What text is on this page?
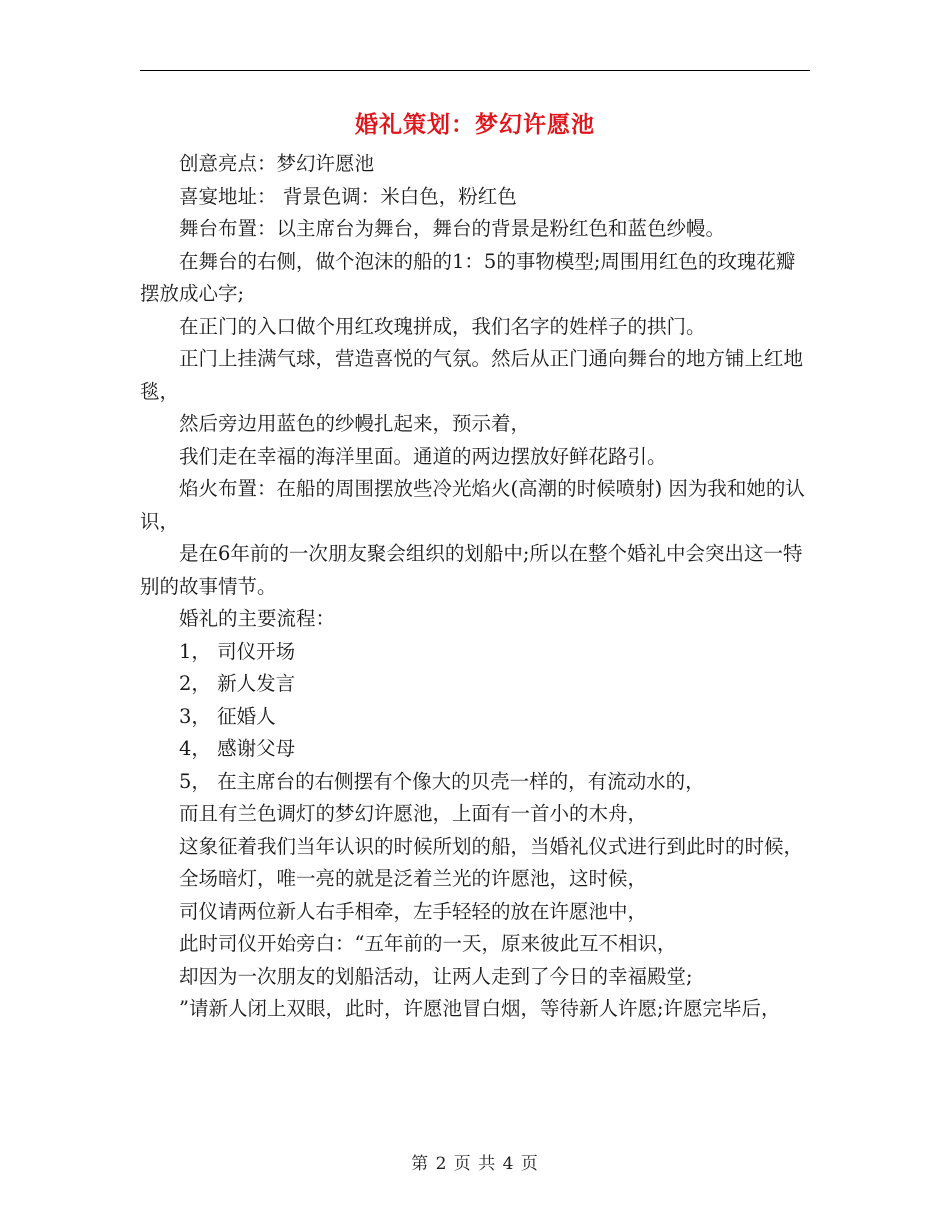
婚礼策划：梦幻许愿池

创意亮点：梦幻许愿池

喜宴地址： 背景色调：米白色，粉红色

舞台布置：以主席台为舞台，舞台的背景是粉红色和蓝色纱幔。

在舞台的右侧，做个泡沫的船的1：5的事物模型;周围用红色的玫瑰花瓣摆放成心字;

在正门的入口做个用红玫瑰拼成，我们名字的姓样子的拱门。

正门上挂满气球，营造喜悦的气氛。然后从正门通向舞台的地方铺上红地毯，

然后旁边用蓝色的纱幔扎起来，预示着，

我们走在幸福的海洋里面。通道的两边摆放好鲜花路引。

焰火布置：在船的周围摆放些冷光焰火(高潮的时候喷射) 因为我和她的认识，

是在6年前的一次朋友聚会组织的划船中;所以在整个婚礼中会突出这一特别的故事情节。

婚礼的主要流程：

1， 司仪开场

2， 新人发言

3， 征婚人

4， 感谢父母

5， 在主席台的右侧摆有个像大的贝壳一样的，有流动水的，

而且有兰色调灯的梦幻许愿池，上面有一首小的木舟，

这象征着我们当年认识的时候所划的船，当婚礼仪式进行到此时的时候，

全场暗灯，唯一亮的就是泛着兰光的许愿池，这时候，

司仪请两位新人右手相牵，左手轻轻的放在许愿池中，

此时司仪开始旁白：“五年前的一天，原来彼此互不相识，

却因为一次朋友的划船活动，让两人走到了今日的幸福殿堂;

”请新人闭上双眼，此时，许愿池冒白烟，等待新人许愿;许愿完毕后，

第 2 页 共 4 页
